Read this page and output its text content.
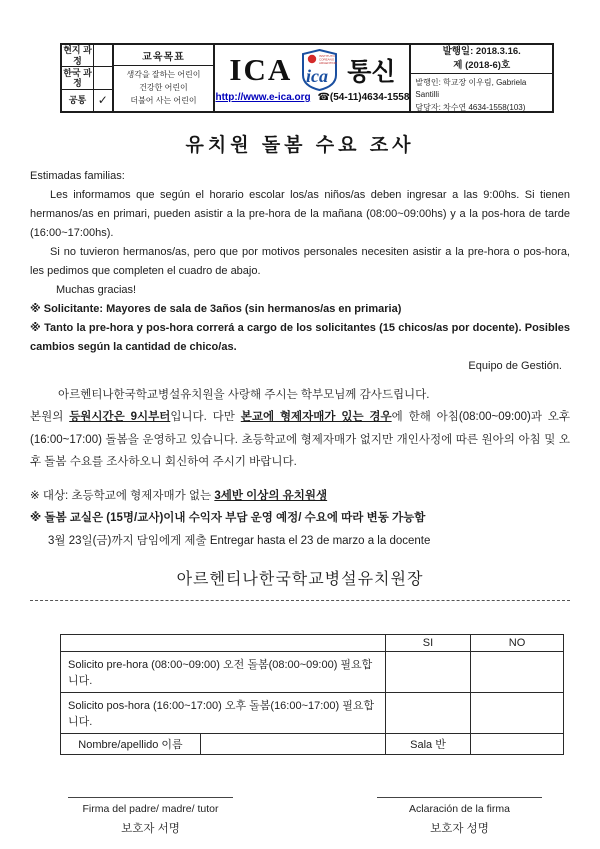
현지 과정
한국 과정
공통 ✓
교육목표
생각을 잘하는 어린이
건강한 어린이
더불어 사는 어린이
ICA	INSTITUTO
COREANO
ARGENTINO
ica 통신
http://www.e-ica.org ☎(54-11)4634-1558
발행일: 2018.3.16.
제 (2018-6)호
발행인: 학교장 이우림, Gabriela Santilli
담당자: 차수연 4634-1558(103)
유치원 돌봄 수요 조사

Estimadas familias:

Les informamos que según el horario escolar los/as niños/as deben ingresar a las 9:00hs. Si tienen hermanos/as en primari, pueden asistir a la pre-hora de la mañana (08:00~09:00hs) y a la pos-hora de tarde (16:00~17:00hs).

Si no tuvieron hermanos/as, pero que por motivos personales necesiten asistir a la pre-hora o pos-hora, les pedimos que completen el cuadro de abajo.

Muchas gracias!

※ Solicitante: Mayores de sala de 3años (sin hermanos/as en primaria)

※ Tanto la pre-hora y pos-hora correrá a cargo de los solicitantes (15 chicos/as por docente). Posibles cambios según la cantidad de chico/as.

Equipo de Gestión.

아르헨티나한국학교병설유치원을 사랑해 주시는 학부모님께 감사드립니다.

본원의 등원시간은 9시부터입니다. 다만 본교에 형제자매가 있는 경우에 한해 아침(08:00~09:00)과 오후(16:00~17:00) 돌봄을 운영하고 있습니다. 초등학교에 형제자매가 없지만 개인사정에 따른 원아의 아침 및 오후 돌봄 수요를 조사하오니 회신하여 주시기 바랍니다.

※ 대상: 초등학교에 형제자매가 없는 3세반 이상의 유치원생
※ 돌봄 교실은 (15명/교사)이내 수익자 부담 운영 예정/ 수요에 따라 변동 가능함
3월 23일(금)까지 담임에게 제출 Entregar hasta el 23 de marzo a la docente
아르헨티나한국학교병설유치원장
		SI	NO
Solicito pre-hora (08:00~09:00) 오전 돌봄(08:00~09:00) 필요합니다.			
Solicito pos-hora (16:00~17:00) 오후 돌봄(16:00~17:00) 필요합니다.			
Nombre/apellido 이름		Sala 반	
Firma del padre/ madre/ tutor
보호자 서명
Aclaración de la firma
보호자 성명
